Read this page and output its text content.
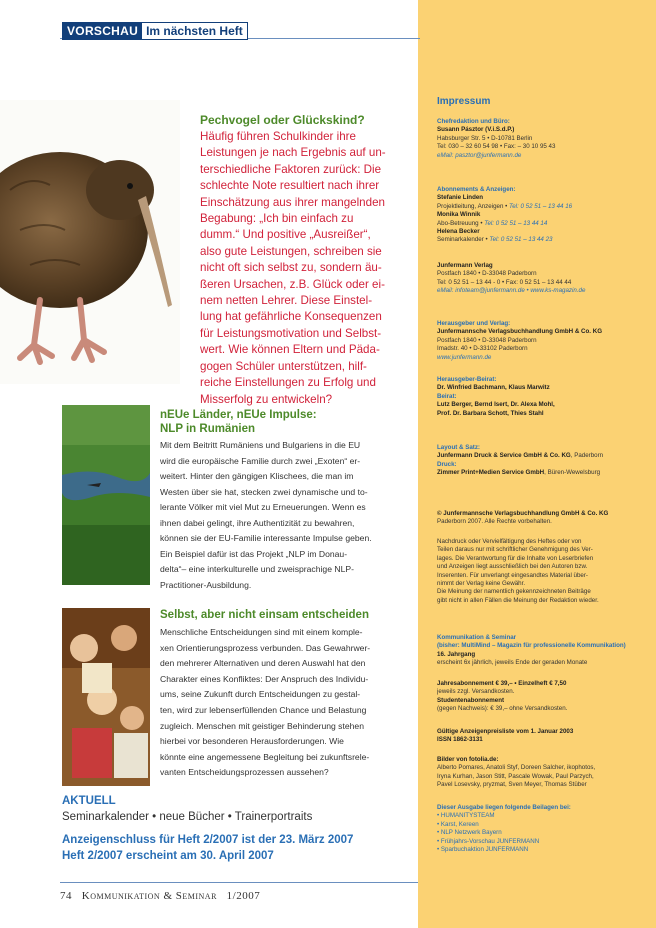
VORSCHAU Im nächsten Heft
Pechvogel oder Glückskind?
Häufig führen Schulkinder ihre
Leistungen je nach Ergebnis auf un-
terschiedliche Faktoren zurück: Die
schlechte Note resultiert nach ihrer
Einschätzung aus ihrer mangelnden
Begabung: „Ich bin einfach zu
dumm.“ Und positive „Ausreißer“,
also gute Leistungen, schreiben sie
nicht oft sich selbst zu, sondern äu-
ßeren Ursachen, z.B. Glück oder ei-
nem netten Lehrer. Diese Einstel-
lung hat gefährliche Konsequenzen
für Leistungsmotivation und Selbst-
wert. Wie können Eltern und Päda-
gogen Schüler unterstützen, hilf-
reiche Einstellungen zu Erfolg und
Misserfolg zu entwickeln?
nEUe Länder, nEUe Impulse:
NLP in Rumänien
Mit dem Beitritt Rumäniens und Bulgariens in die EU
wird die europäische Familie durch zwei „Exoten“ er-
weitert. Hinter den gängigen Klischees, die man im
Westen über sie hat, stecken zwei dynamische und to-
lerante Völker mit viel Mut zu Erneuerungen. Wenn es
ihnen dabei gelingt, ihre Authentizität zu bewahren,
können sie der EU-Familie interessante Impulse geben.
Ein Beispiel dafür ist das Projekt „NLP im Donau-
delta“– eine interkulturelle und zweisprachige NLP-
Practitioner-Ausbildung.
Selbst, aber nicht einsam entscheiden
Menschliche Entscheidungen sind mit einem komple-
xen Orientierungsprozess verbunden. Das Gewahrwer-
den mehrerer Alternativen und deren Auswahl hat den
Charakter eines Konfliktes: Der Anspruch des Individu-
ums, seine Zukunft durch Entscheidungen zu gestal-
ten, wird zur lebenserfüllenden Chance und Belastung
zugleich. Menschen mit geistiger Behinderung stehen
hierbei vor besonderen Herausforderungen. Wie
könnte eine angemessene Begleitung bei zukunftsrele-
vanten Entscheidungsprozessen aussehen?
AKTUELL
Seminarkalender • neue Bücher • Trainerportraits
Anzeigenschluss für Heft 2/2007 ist der 23. März 2007
Heft 2/2007 erscheint am 30. April 2007
74 Kommunikation & Seminar 1/2007
Impressum
Chefredaktion und Büro:
Susann Pásztor (V.i.S.d.P.)
Habsburger Str. 5 • D-10781 Berlin
Tel: 030 – 32 60 54 98 • Fax: – 30 10 95 43
eMail: pasztor@junfermann.de
Abonnements & Anzeigen:
Stefanie Linden
Projektleitung, Anzeigen • Tel: 0 52 51 – 13 44 16
Monika Winnik
Abo-Betreuung • Tel: 0 52 51 – 13 44 14
Helena Becker
Seminarkalender • Tel: 0 52 51 – 13 44 23
Junfermann Verlag
Postfach 1840 • D-33048 Paderborn
Tel: 0 52 51 – 13 44 - 0 • Fax: 0 52 51 – 13 44 44
eMail: infoteam@junfermann.de • www.ks-magazin.de
Herausgeber und Verlag:
Junfermannsche Verlagsbuchhandlung GmbH & Co. KG
Postfach 1840 • D-33048 Paderborn
Imadstr. 40 • D-33102 Paderborn
www.junfermann.de
Herausgeber-Beirat:
Dr. Winfried Bachmann, Klaus Marwitz
Beirat:
Lutz Berger, Bernd Isert, Dr. Alexa Mohl,
Prof. Dr. Barbara Schott, Thies Stahl
Layout & Satz:
Junfermann Druck & Service GmbH & Co. KG, Paderborn
Druck:
Zimmer Print+Medien Service GmbH, Büren-Wewelsburg
© Junfermannsche Verlagsbuchhandlung GmbH & Co. KG
Paderborn 2007. Alle Rechte vorbehalten.
Nachdruck oder Vervielfältigung des Heftes oder von
Teilen daraus nur mit schriftlicher Genehmigung des Ver-
lages. Die Verantwortung für die Inhalte von Leserbriefen
und Anzeigen liegt ausschließlich bei den Autoren bzw.
Inserenten. Für unverlangt eingesandtes Material über-
nimmt der Verlag keine Gewähr.
Die Meinung der namentlich gekennzeichneten Beiträge
gibt nicht in allen Fällen die Meinung der Redaktion wieder.
Kommunikation & Seminar
(bisher: MultiMind – Magazin für professionelle Kommunikation)
16. Jahrgang
erscheint 6x jährlich, jeweils Ende der geraden Monate
Jahresabonnement € 39,– • Einzelheft € 7,50
jeweils zzgl. Versandkosten.
Studentenabonnement
(gegen Nachweis): € 39,– ohne Versandkosten.
Gültige Anzeigenpreisliste vom 1. Januar 2003
ISSN 1862-3131
Bilder von fotolia.de:
Alberto Pomares, Anatoli Styf, Doreen Salcher, ikophotos,
Iryna Kurhan, Jason Stitt, Pascale Wowak, Paul Parzych,
Pavel Losevsky, pryzmat, Sven Meyer, Thomas Stüber
Dieser Ausgabe liegen folgende Beilagen bei:
• HUMANITYSTEAM
• Karst, Kereen
• NLP Netzwerk Bayern
• Frühjahrs-Vorschau JUNFERMANN
• Sparbuchaktion JUNFERMANN
